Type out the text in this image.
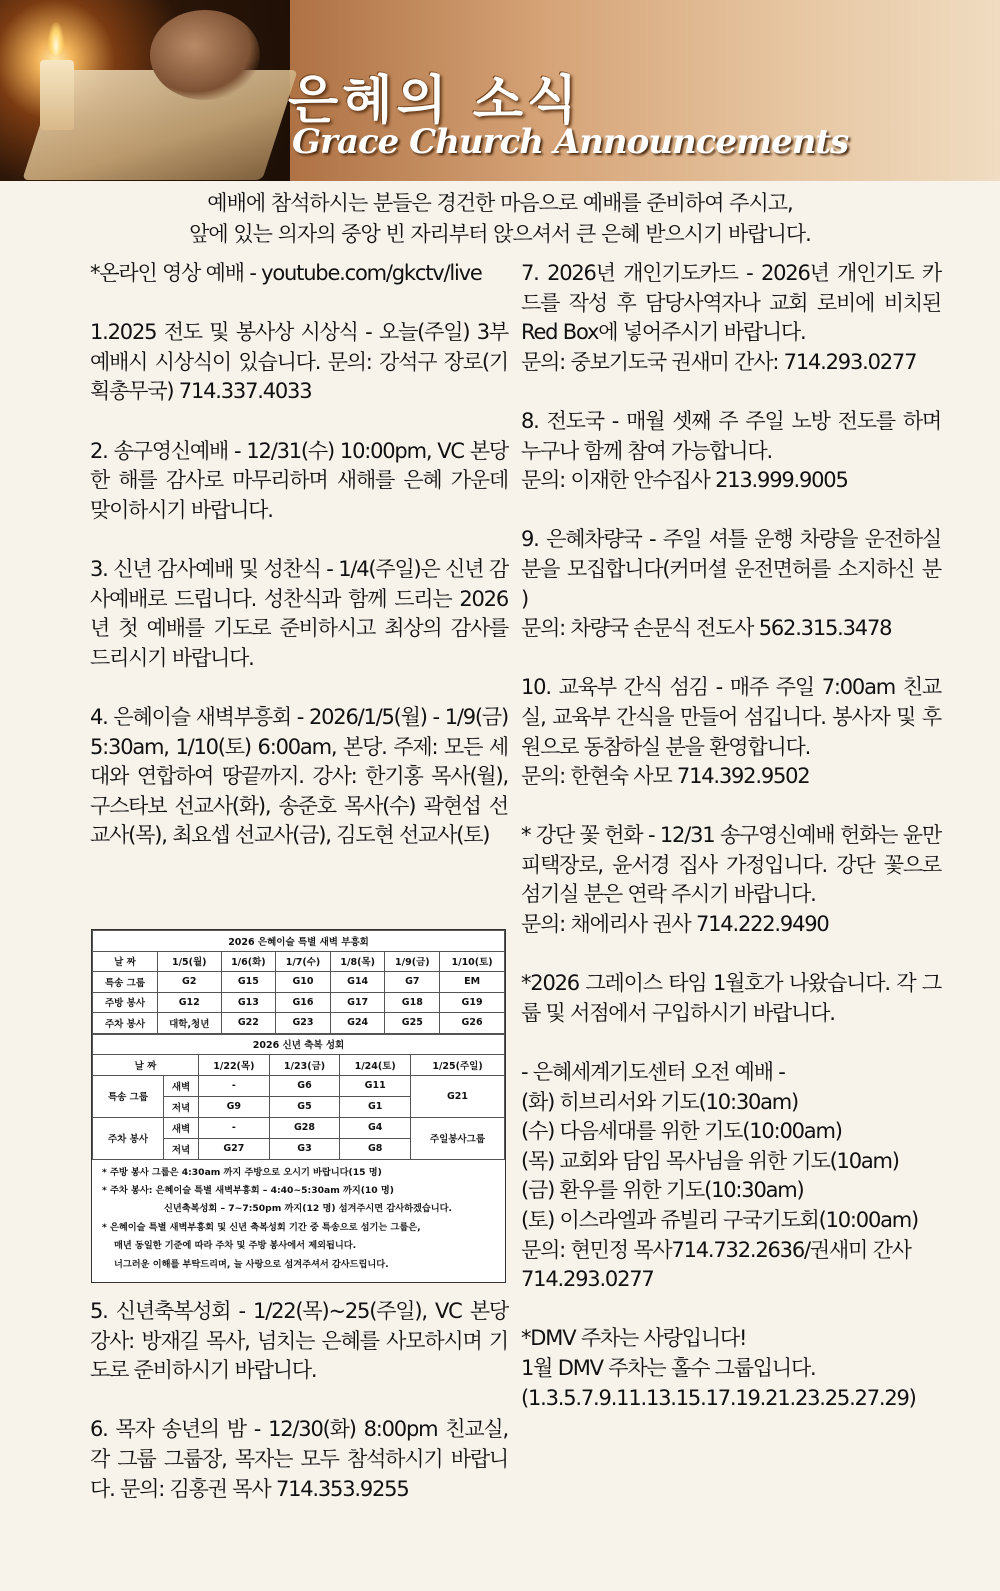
은혜의 소식
Grace Church Announcements
예배에 참석하시는 분들은 경건한 마음으로 예배를 준비하여 주시고,
앞에 있는 의자의 중앙 빈 자리부터 앉으셔서 큰 은혜 받으시기 바랍니다.

*온라인 영상 예배 - youtube.com/gkctv/live

1.2025 전도 및 봉사상 시상식 - 오늘(주일) 3부 예배시 시상식이 있습니다. 문의: 강석구 장로(기획총무국) 714.337.4033

2. 송구영신예배 - 12/31(수) 10:00pm, VC 본당 한 해를 감사로 마무리하며 새해를 은혜 가운데 맞이하시기 바랍니다.

3. 신년 감사예배 및 성찬식 - 1/4(주일)은 신년 감사예배로 드립니다. 성찬식과 함께 드리는 2026년 첫 예배를 기도로 준비하시고 최상의 감사를 드리시기 바랍니다.

4. 은혜이슬 새벽부흥회 - 2026/1/5(월) - 1/9(금) 5:30am, 1/10(토) 6:00am, 본당. 주제: 모든 세대와 연합하여 땅끝까지. 강사: 한기홍 목사(월), 구스타보 선교사(화), 송준호 목사(수) 곽현섭 선교사(목), 최요셉 선교사(금), 김도현 선교사(토)

2026 은혜이슬 특별 새벽 부흥회						
날 짜	1/5(월)	1/6(화)	1/7(수)	1/8(목)	1/9(금)	1/10(토)
특송 그룹	G2	G15	G10	G14	G7	EM
주방 봉사	G12	G13	G16	G17	G18	G19
주차 봉사	대학,청년	G22	G23	G24	G25	G26
2026 신년 축복 성회					
날 짜		1/22(목)	1/23(금)	1/24(토)	1/25(주일)
특송 그룹	새벽	-	G6	G11	G21
	저녁	G9	G5	G1	
주차 봉사	새벽	-	G28	G4	주일봉사그룹
	저녁	G27	G3	G8	
* 주방 봉사 그룹은 4:30am 까지 주방으로 오시기 바랍니다(15 명)
* 주차 봉사: 은혜이슬 특별 새벽부흥회 – 4:40~5:30am 까지(10 명)
신년축복성회 – 7~7:50pm 까지(12 명) 섬겨주시면 감사하겠습니다.
* 은혜이슬 특별 새벽부흥회 및 신년 축복성회 기간 중 특송으로 섬기는 그룹은,
매년 동일한 기준에 따라 주차 및 주방 봉사에서 제외됩니다.
너그러운 이해를 부탁드리며, 늘 사랑으로 섬겨주셔서 감사드립니다.

5. 신년축복성회 - 1/22(목)~25(주일), VC 본당 강사: 방재길 목사, 넘치는 은혜를 사모하시며 기도로 준비하시기 바랍니다.

6. 목자 송년의 밤 - 12/30(화) 8:00pm 친교실, 각 그룹 그룹장, 목자는 모두 참석하시기 바랍니다. 문의: 김홍권 목사 714.353.9255

7. 2026년 개인기도카드 - 2026년 개인기도 카드를 작성 후 담당사역자나 교회 로비에 비치된 Red Box에 넣어주시기 바랍니다.

문의: 중보기도국 권새미 간사: 714.293.0277

8. 전도국 - 매월 셋째 주 주일 노방 전도를 하며 누구나 함께 참여 가능합니다.

문의: 이재한 안수집사 213.999.9005

9. 은혜차량국 - 주일 셔틀 운행 차량을 운전하실 분을 모집합니다(커머셜 운전면허를 소지하신 분 )

문의: 차량국 손문식 전도사 562.315.3478

10. 교육부 간식 섬김 - 매주 주일 7:00am 친교실, 교육부 간식을 만들어 섬깁니다. 봉사자 및 후원으로 동참하실 분을 환영합니다.

문의: 한현숙 사모 714.392.9502

* 강단 꽃 헌화 - 12/31 송구영신예배 헌화는 윤만피택장로, 윤서경 집사 가정입니다. 강단 꽃으로 섬기실 분은 연락 주시기 바랍니다.

문의: 채에리사 권사 714.222.9490

*2026 그레이스 타임 1월호가 나왔습니다. 각 그룹 및 서점에서 구입하시기 바랍니다.

- 은혜세계기도센터 오전 예배 -

(화) 히브리서와 기도(10:30am)

(수) 다음세대를 위한 기도(10:00am)

(목) 교회와 담임 목사님을 위한 기도(10am)

(금) 환우를 위한 기도(10:30am)

(토) 이스라엘과 쥬빌리 구국기도회(10:00am)

문의: 현민정 목사714.732.2636/권새미 간사 714.293.0277

*DMV 주차는 사랑입니다!

1월 DMV 주차는 홀수 그룹입니다.

(1.3.5.7.9.11.13.15.17.19.21.23.25.27.29)
